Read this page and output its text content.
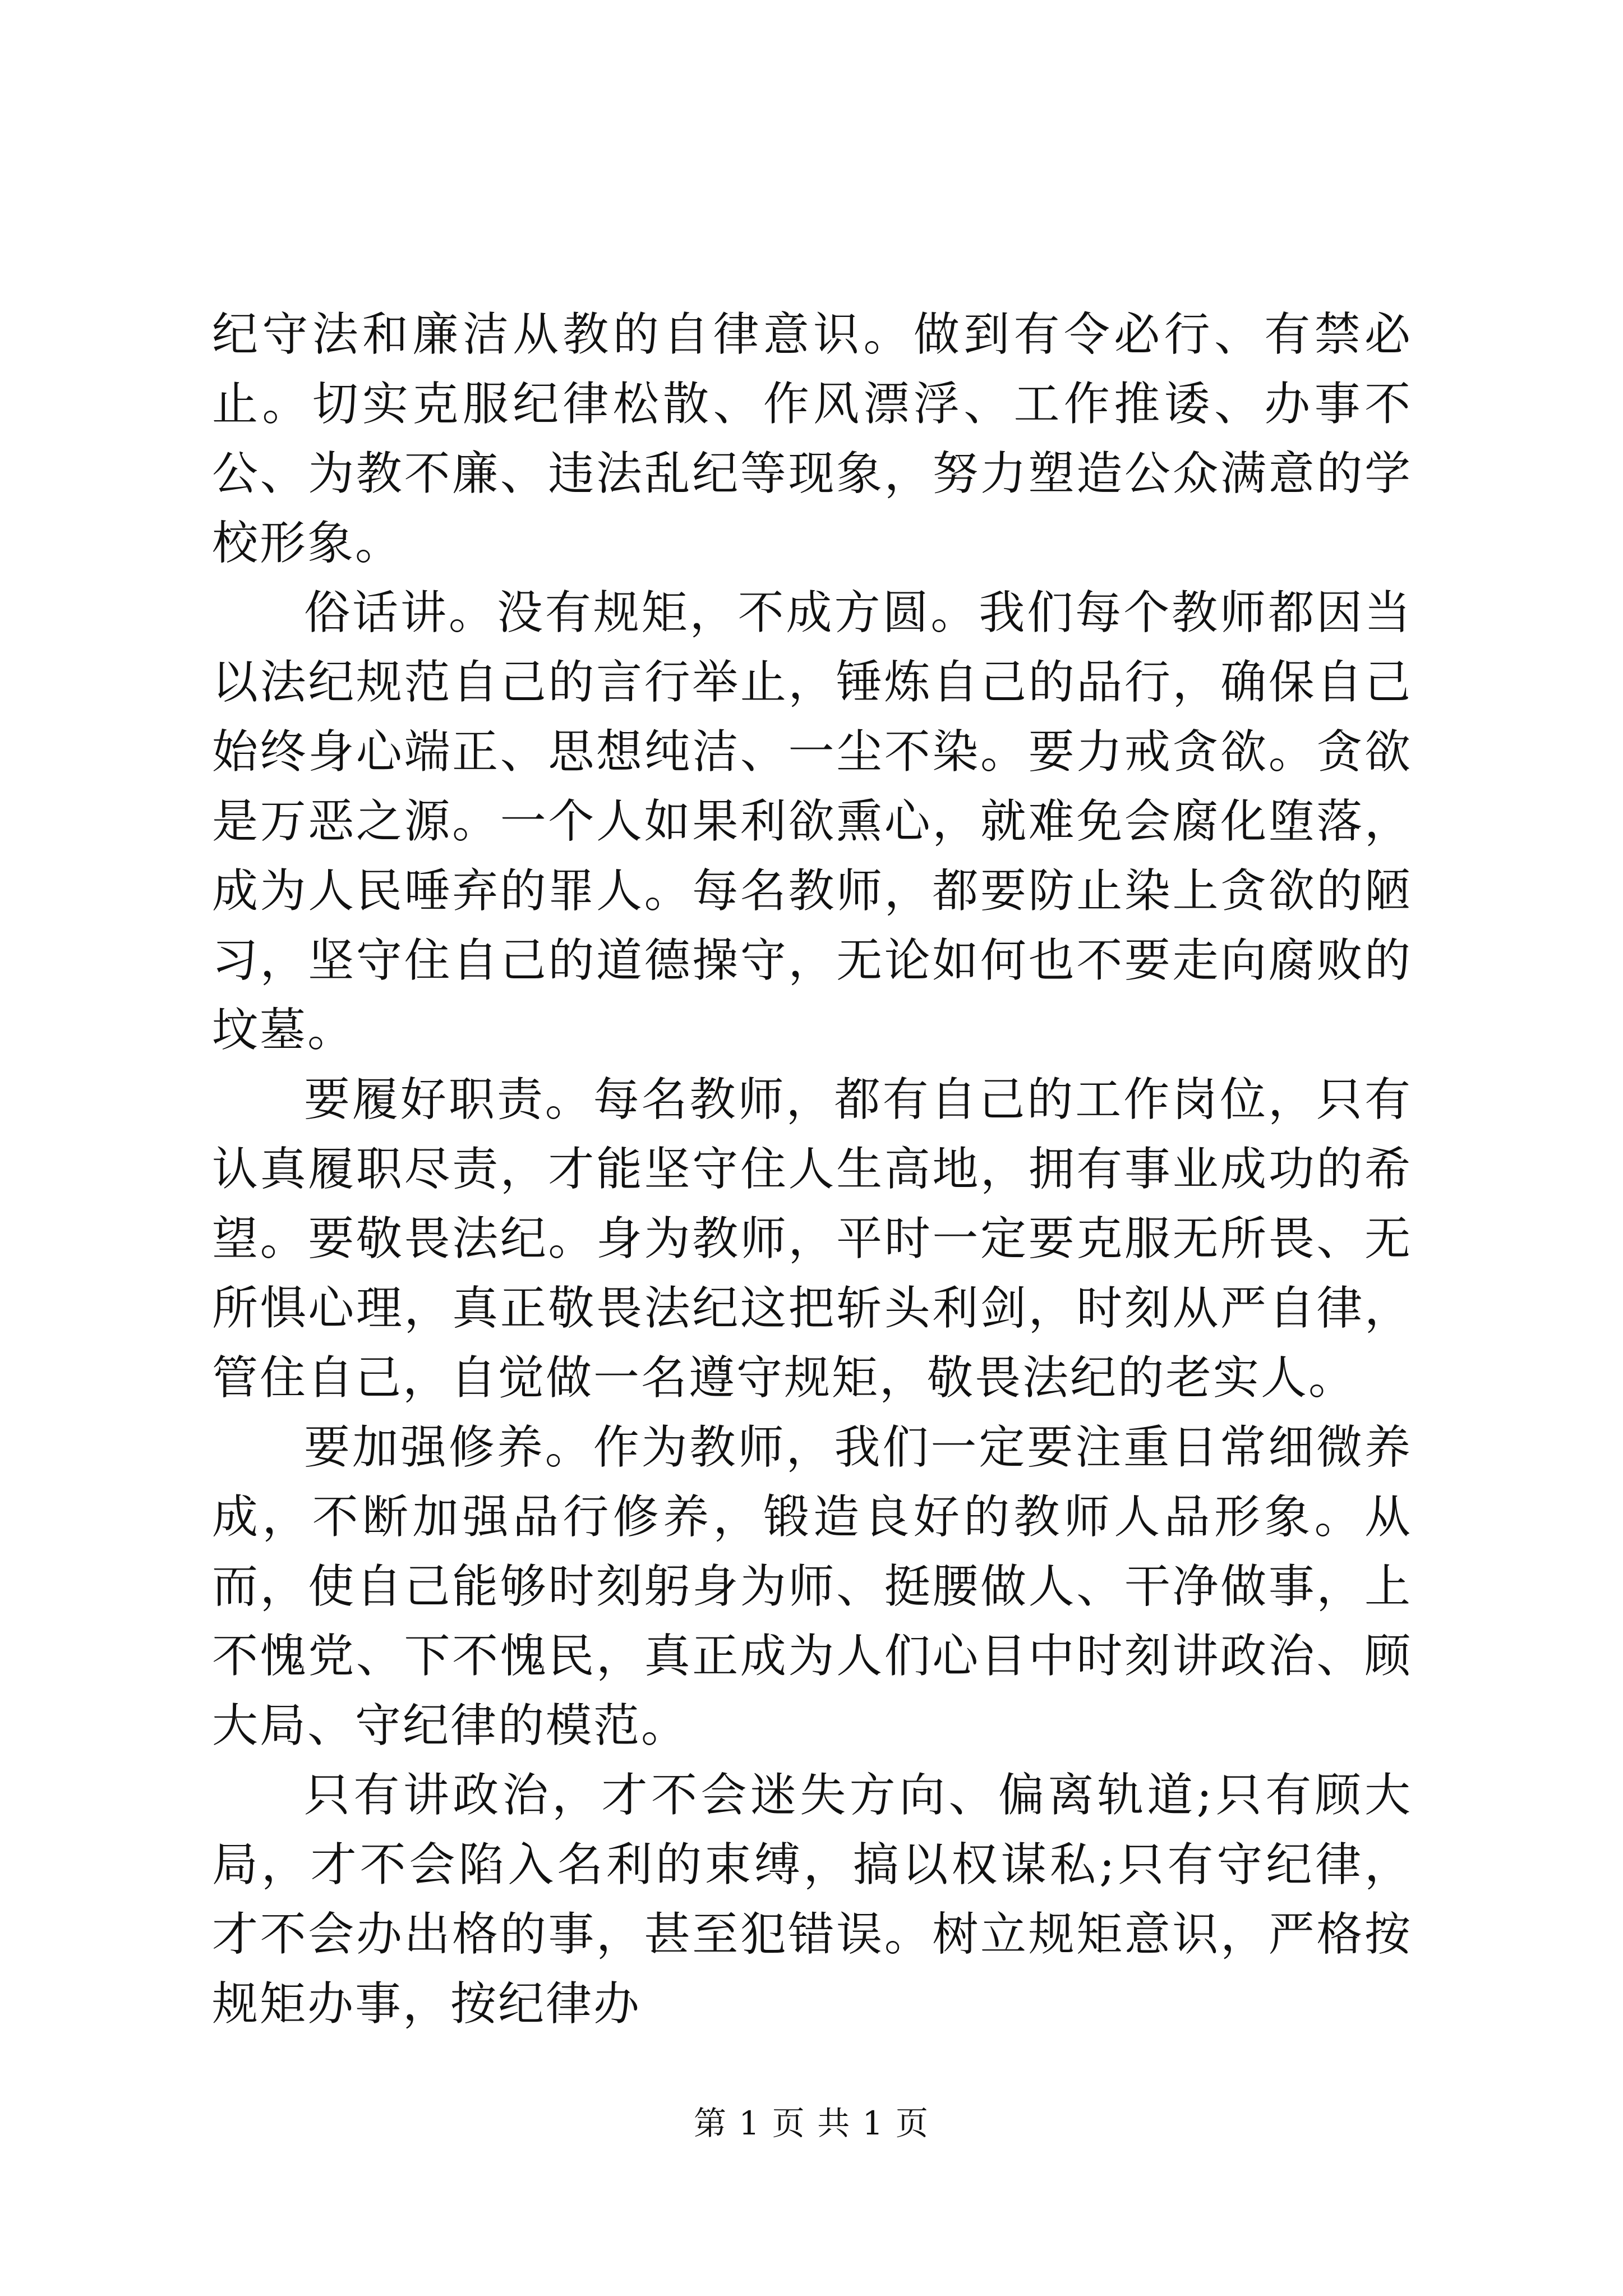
纪守法和廉洁从教的自律意识。做到有令必行、有禁必止。切实克服纪律松散、作风漂浮、工作推诿、办事不公、为教不廉、违法乱纪等现象，努力塑造公众满意的学校形象。

俗话讲。没有规矩，不成方圆。我们每个教师都因当以法纪规范自己的言行举止，锤炼自己的品行，确保自己始终身心端正、思想纯洁、一尘不染。要力戒贪欲。贪欲是万恶之源。一个人如果利欲熏心，就难免会腐化堕落，成为人民唾弃的罪人。每名教师，都要防止染上贪欲的陋习，坚守住自己的道德操守，无论如何也不要走向腐败的坟墓。

要履好职责。每名教师，都有自己的工作岗位，只有认真履职尽责，才能坚守住人生高地，拥有事业成功的希望。要敬畏法纪。身为教师，平时一定要克服无所畏、无所惧心理，真正敬畏法纪这把斩头利剑，时刻从严自律，管住自己，自觉做一名遵守规矩，敬畏法纪的老实人。

要加强修养。作为教师，我们一定要注重日常细微养成，不断加强品行修养，锻造良好的教师人品形象。从而，使自己能够时刻躬身为师、挺腰做人、干净做事，上不愧党、下不愧民，真正成为人们心目中时刻讲政治、顾大局、守纪律的模范。

只有讲政治，才不会迷失方向、偏离轨道;只有顾大局，才不会陷入名利的束缚，搞以权谋私;只有守纪律，才不会办出格的事，甚至犯错误。树立规矩意识，严格按规矩办事，按纪律办

第 1 页 共 1 页
